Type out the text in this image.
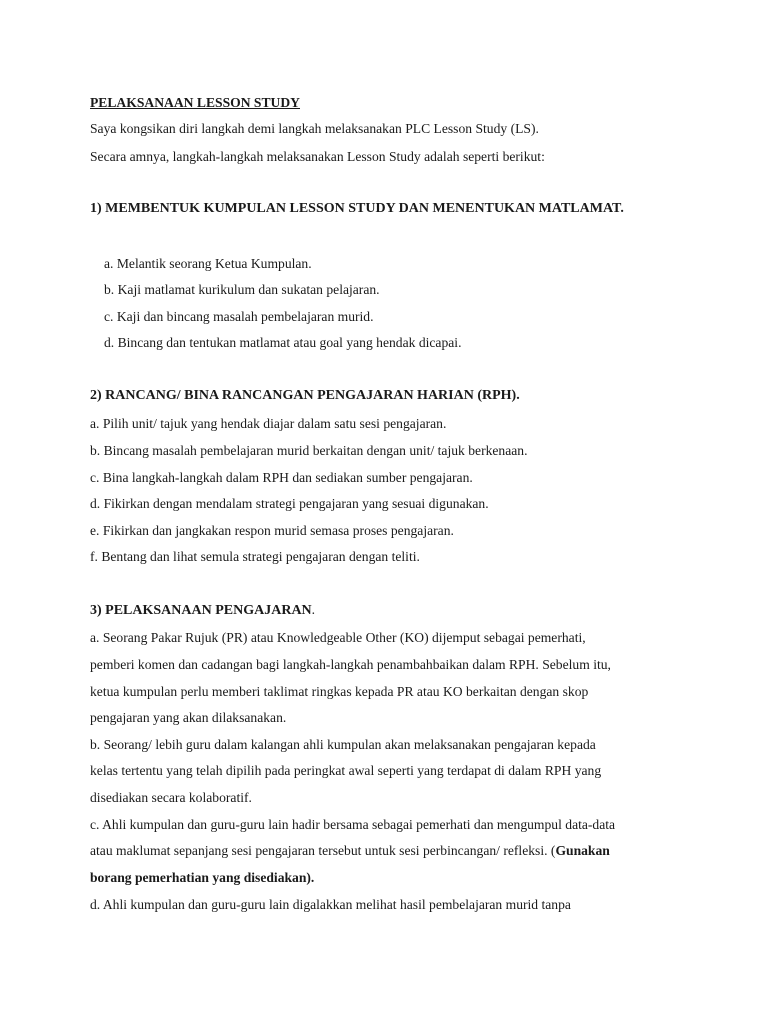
PELAKSANAAN LESSON STUDY
Saya kongsikan diri langkah demi langkah melaksanakan PLC Lesson Study (LS).
Secara amnya, langkah-langkah melaksanakan Lesson Study adalah seperti berikut:
1) MEMBENTUK KUMPULAN LESSON STUDY DAN MENENTUKAN MATLAMAT.
a. Melantik seorang Ketua Kumpulan.
b. Kaji matlamat kurikulum dan sukatan pelajaran.
c. Kaji dan bincang masalah pembelajaran murid.
d. Bincang dan tentukan matlamat atau goal yang hendak dicapai.
2) RANCANG/ BINA RANCANGAN PENGAJARAN HARIAN (RPH).
a. Pilih unit/ tajuk yang hendak diajar dalam satu sesi pengajaran.
b. Bincang masalah pembelajaran murid berkaitan dengan unit/ tajuk berkenaan.
c. Bina langkah-langkah dalam RPH dan sediakan sumber pengajaran.
d. Fikirkan dengan mendalam strategi pengajaran yang sesuai digunakan.
e. Fikirkan dan jangkakan respon murid semasa proses pengajaran.
f. Bentang dan lihat semula strategi pengajaran dengan teliti.
3) PELAKSANAAN PENGAJARAN.
a. Seorang Pakar Rujuk (PR) atau Knowledgeable Other (KO) dijemput sebagai pemerhati,
pemberi komen dan cadangan bagi langkah-langkah penambahbaikan dalam RPH. Sebelum itu,
ketua kumpulan perlu memberi taklimat ringkas kepada PR atau KO berkaitan dengan skop
pengajaran yang akan dilaksanakan.
b. Seorang/ lebih guru dalam kalangan ahli kumpulan akan melaksanakan pengajaran kepada
kelas tertentu yang telah dipilih pada peringkat awal seperti yang terdapat di dalam RPH yang
disediakan secara kolaboratif.
c. Ahli kumpulan dan guru-guru lain hadir bersama sebagai pemerhati dan mengumpul data-data
atau maklumat sepanjang sesi pengajaran tersebut untuk sesi perbincangan/ refleksi. (Gunakan
borang pemerhatian yang disediakan).
d. Ahli kumpulan dan guru-guru lain digalakkan melihat hasil pembelajaran murid tanpa
